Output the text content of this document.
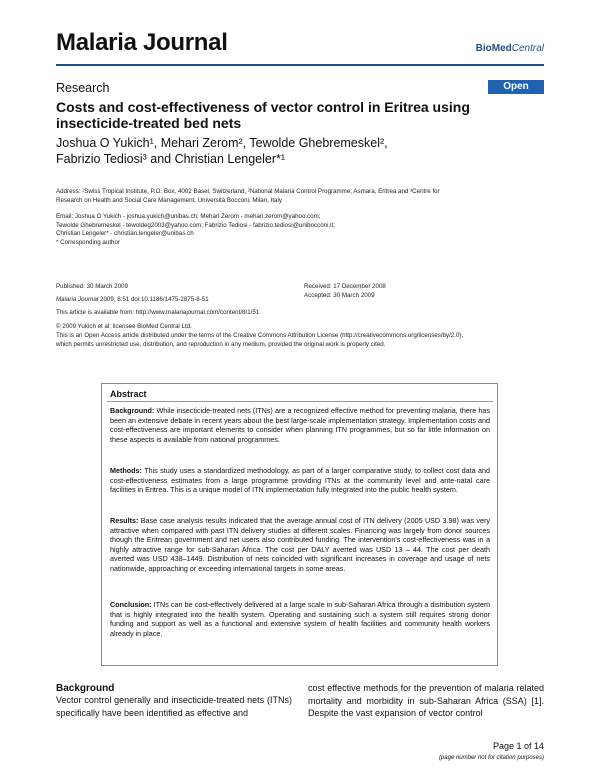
Malaria Journal	BioMedCentral
Research	Open Access
Costs and cost-effectiveness of vector control in Eritrea using
insecticide-treated bed nets
Joshua O Yukich¹, Mehari Zerom², Tewolde Ghebremeskel²,
Fabrizio Tediosi³ and Christian Lengeler*¹
Address: ¹Swiss Tropical Institute, P.O. Box, 4002 Basel, Switzerland, ²National Malaria Control Programme, Asmara, Eritrea and ³Centre for
Research on Health and Social Care Management, Università Bocconi, Milan, Italy
Email: Joshua O Yukich - joshua.yukich@unibas.ch; Mehari Zerom - mehari.zerom@yahoo.com;
Tewolde Ghebremeskel - tewoldeg2003@yahoo.com; Fabrizio Tediosi - fabrizio.tediosi@unibocconi.it;
Christian Lengeler* - christian.lengeler@unibas.ch
* Corresponding author
Published: 30 March 2009
Malaria Journal 2009, 8:51 doi:10.1186/1475-2875-8-51
Received: 17 December 2008
Accepted: 30 March 2009
This article is available from: http://www.malariajournal.com/content/8/1/51
© 2009 Yukich et al; licensee BioMed Central Ltd.
This is an Open Access article distributed under the terms of the Creative Commons Attribution License (http://creativecommons.org/licenses/by/2.0),
which permits unrestricted use, distribution, and reproduction in any medium, provided the original work is properly cited.
Abstract
Background: While insecticide-treated nets (ITNs) are a recognized effective method for preventing malaria, there has been an extensive debate in recent years about the best large-scale implementation strategy. Implementation costs and cost-effectiveness are important elements to consider when planning ITN programmes, but so far little information on these aspects is available from national programmes.
Methods: This study uses a standardized methodology, as part of a larger comparative study, to collect cost data and cost-effectiveness estimates from a large programme providing ITNs at the community level and ante-natal care facilities in Eritrea. This is a unique model of ITN implementation fully integrated into the public health system.
Results: Base case analysis results indicated that the average annual cost of ITN delivery (2005 USD 3.98) was very attractive when compared with past ITN delivery studies at different scales. Financing was largely from donor sources though the Eritrean government and net users also contributed funding. The intervention's cost-effectiveness was in a highly attractive range for sub-Saharan Africa. The cost per DALY averted was USD 13 – 44. The cost per death averted was USD 438–1449. Distribution of nets coincided with significant increases in coverage and usage of nets nationwide, approaching or exceeding international targets in some areas.
Conclusion: ITNs can be cost-effectively delivered at a large scale in sub-Saharan Africa through a distribution system that is highly integrated into the health system. Operating and sustaining such a system still requires strong donor funding and support as well as a functional and extensive system of health facilities and community health workers already in place.
Background
Vector control generally and insecticide-treated nets (ITNs) specifically have been identified as effective and
cost effective methods for the prevention of malaria related mortality and morbidity in sub-Saharan Africa (SSA) [1]. Despite the vast expansion of vector control
Page 1 of 14
(page number not for citation purposes)
